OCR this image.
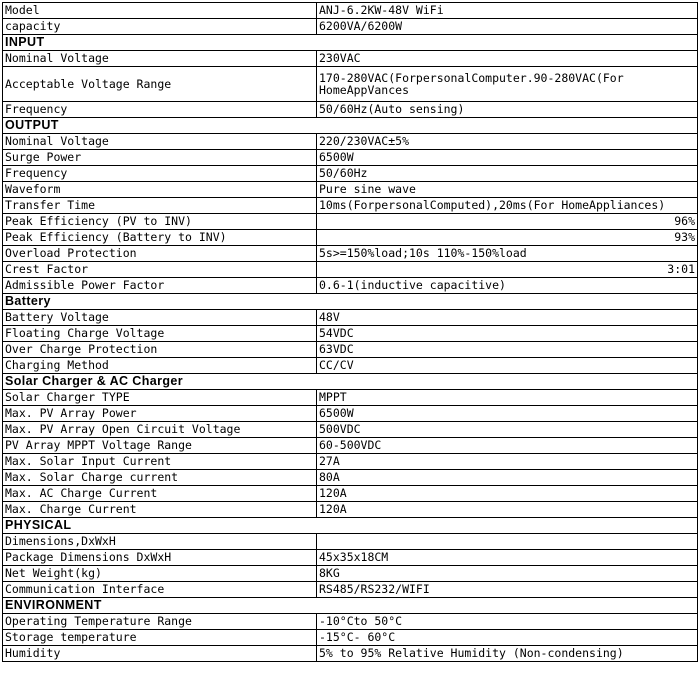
Model	ANJ-6.2KW-48V WiFi
capacity	6200VA/6200W
INPUT	
Nominal Voltage	230VAC
Acceptable Voltage Range	170-280VAC(ForpersonalComputer.90-280VAC(For HomeAppVances
Frequency	50/60Hz(Auto sensing)
OUTPUT	
Nominal Voltage	220/230VAC±5%
Surge Power	6500W
Frequency	50/60Hz
Waveform	Pure sine wave
Transfer Time	10ms(ForpersonalComputed),20ms(For HomeAppliances)
Peak Efficiency (PV to INV)	96%
Peak Efficiency (Battery to INV)	93%
Overload Protection	5s>=150%load;10s 110%-150%load
Crest Factor	3:01
Admissible Power Factor	0.6-1(inductive capacitive)
Battery	
Battery Voltage	48V
Floating Charge Voltage	54VDC
Over Charge Protection	63VDC
Charging Method	CC/CV
Solar Charger & AC Charger	
Solar Charger TYPE	MPPT
Max. PV Array Power	6500W
Max. PV Array Open Circuit Voltage	500VDC
PV Array MPPT Voltage Range	60-500VDC
Max. Solar Input Current	27A
Max. Solar Charge current	80A
Max. AC Charge Current	120A
Max. Charge Current	120A
PHYSICAL	
Dimensions,DxWxH	
Package Dimensions DxWxH	45x35x18CM
Net Weight(kg)	8KG
Communication Interface	RS485/RS232/WIFI
ENVIRONMENT	
Operating Temperature Range	-10°Cto 50°C
Storage temperature	-15°C- 60°C
Humidity	5% to 95% Relative Humidity (Non-condensing)
